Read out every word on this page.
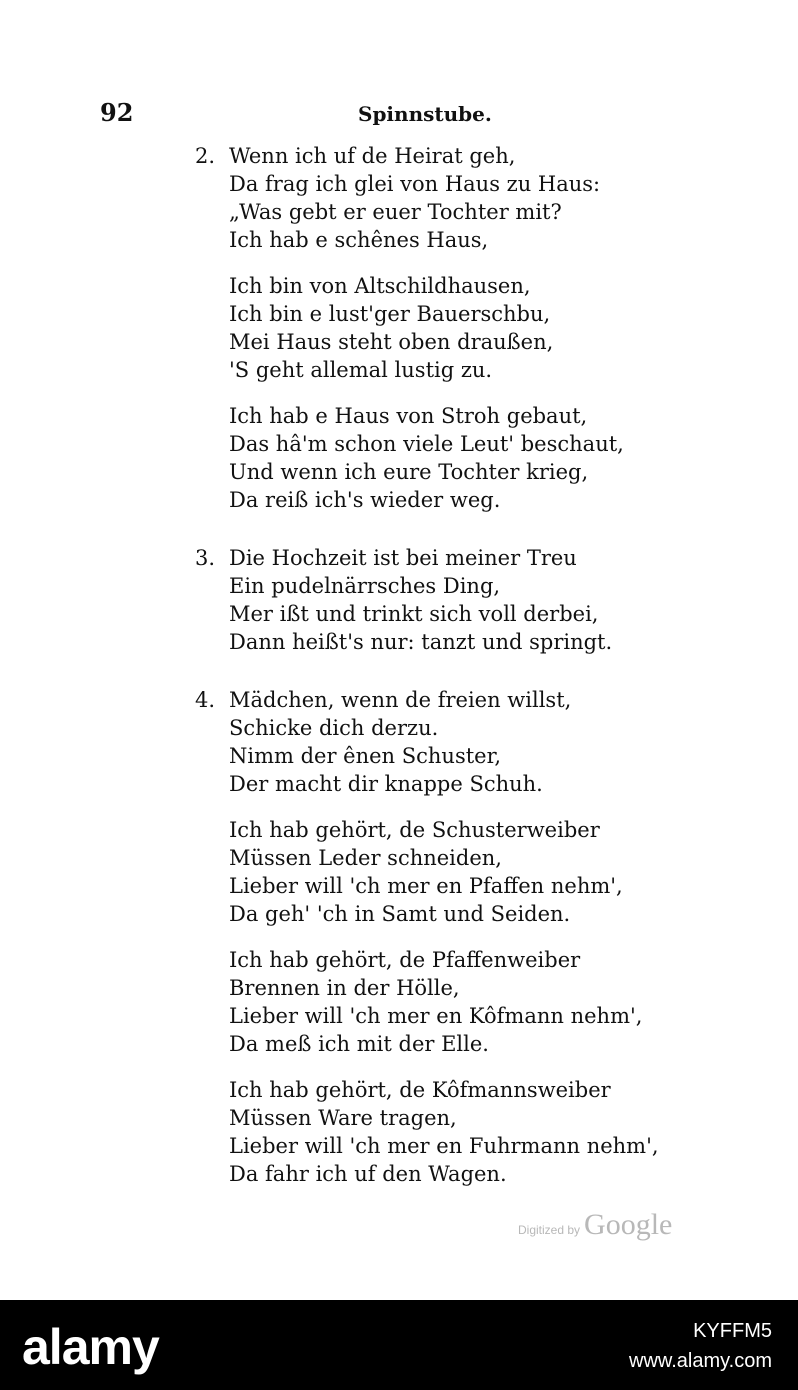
92	Spinnstube.
2. Wenn ich uf de Heirat geh,
Da frag ich glei von Haus zu Haus:
„Was gebt er euer Tochter mit?
Ich hab e schênes Haus,
Ich bin von Altschildhausen,
Ich bin e lust'ger Bauerschbu,
Mei Haus steht oben draußen,
'S geht allemal lustig zu.
Ich hab e Haus von Stroh gebaut,
Das hâ'm schon viele Leut' beschaut,
Und wenn ich eure Tochter krieg,
Da reiß ich's wieder weg.
3. Die Hochzeit ist bei meiner Treu
Ein pudelnärrsches Ding,
Mer ißt und trinkt sich voll derbei,
Dann heißt's nur: tanzt und springt.
4. Mädchen, wenn de freien willst,
Schicke dich derzu.
Nimm der ênen Schuster,
Der macht dir knappe Schuh.
Ich hab gehört, de Schusterweiber
Müssen Leder schneiden,
Lieber will 'ch mer en Pfaffen nehm',
Da geh' 'ch in Samt und Seiden.
Ich hab gehört, de Pfaffenweiber
Brennen in der Hölle,
Lieber will 'ch mer en Kôfmann nehm',
Da meß ich mit der Elle.
Ich hab gehört, de Kôfmannsweiber
Müssen Ware tragen,
Lieber will 'ch mer en Fuhrmann nehm',
Da fahr ich uf den Wagen.
Digitized by Google
alamy	KYFFM5
www.alamy.com
